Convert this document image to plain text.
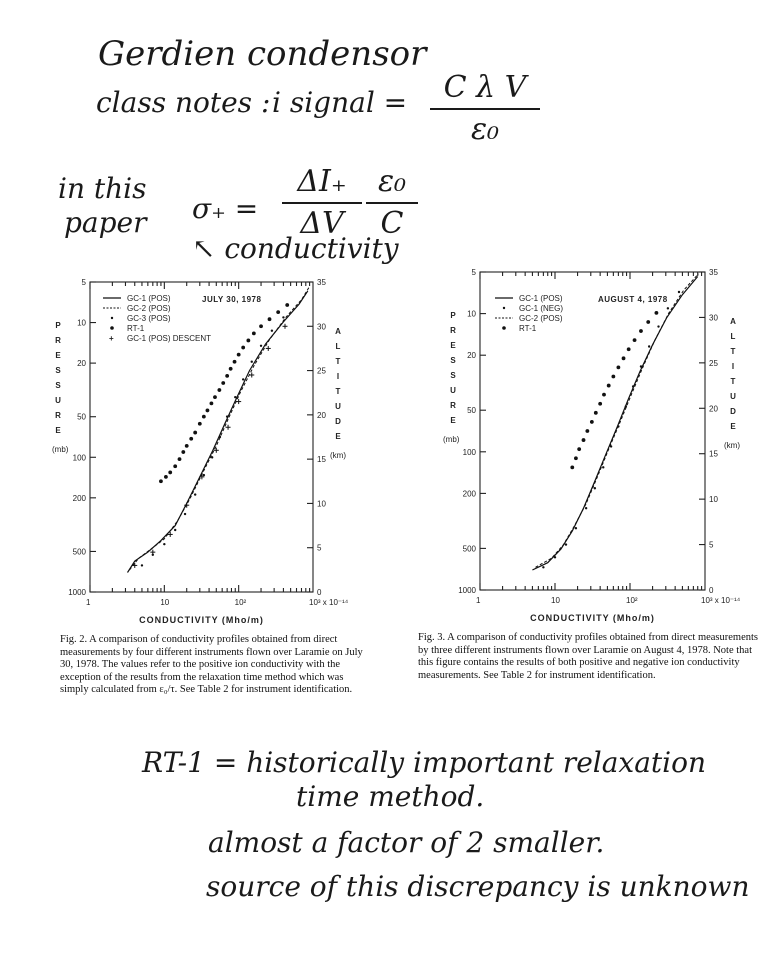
Gerdien condensor
class notes : i signal =	C λ V
ε₀
in this
paper σ₊ =
ΔI₊
ΔV
ε₀
C
↖ conductivity
1	10	10²	10³ x 10⁻¹⁴
CONDUCTIVITY (Mho/m)
5
10
20
50
100
200
500
1000	0
5
10
15
20
25
30
35
P
R
E
S
S
U
R
E
(mb)
A
L
T
I
T
U
D
E
(km)
JULY 30, 1978
GC-1 (POS)
GC-2 (POS)
GC-3 (POS)
RT-1
+ GC-1 (POS) DESCENT
1	10	10²	10³ x 10⁻¹⁴
CONDUCTIVITY (Mho/m)
5
10
20
50
100
200
500
1000	0
5
10
15
20
25
30
35
P
R
E
S
S
U
R
E
(mb)
A
L
T
I
T
U
D
E
(km)
AUGUST 4, 1978
GC-1 (POS)
GC-1 (NEG)
GC-2 (POS)
RT-1
Fig. 2. A comparison of conductivity profiles obtained from direct measurements by four different instruments flown over Laramie on July 30, 1978. The values refer to the positive ion conductivity with the exception of the results from the relaxation time method which was simply calculated from ε₀/τ. See Table 2 for instrument identification.
Fig. 3. A comparison of conductivity profiles obtained from direct measurements by three different instruments flown over Laramie on August 4, 1978. Note that this figure contains the results of both positive and negative ion conductivity measurements. See Table 2 for instrument identification.
RT-1 = historically important relaxation
time method.
almost a factor of 2 smaller.
source of this discrepancy is unknown
